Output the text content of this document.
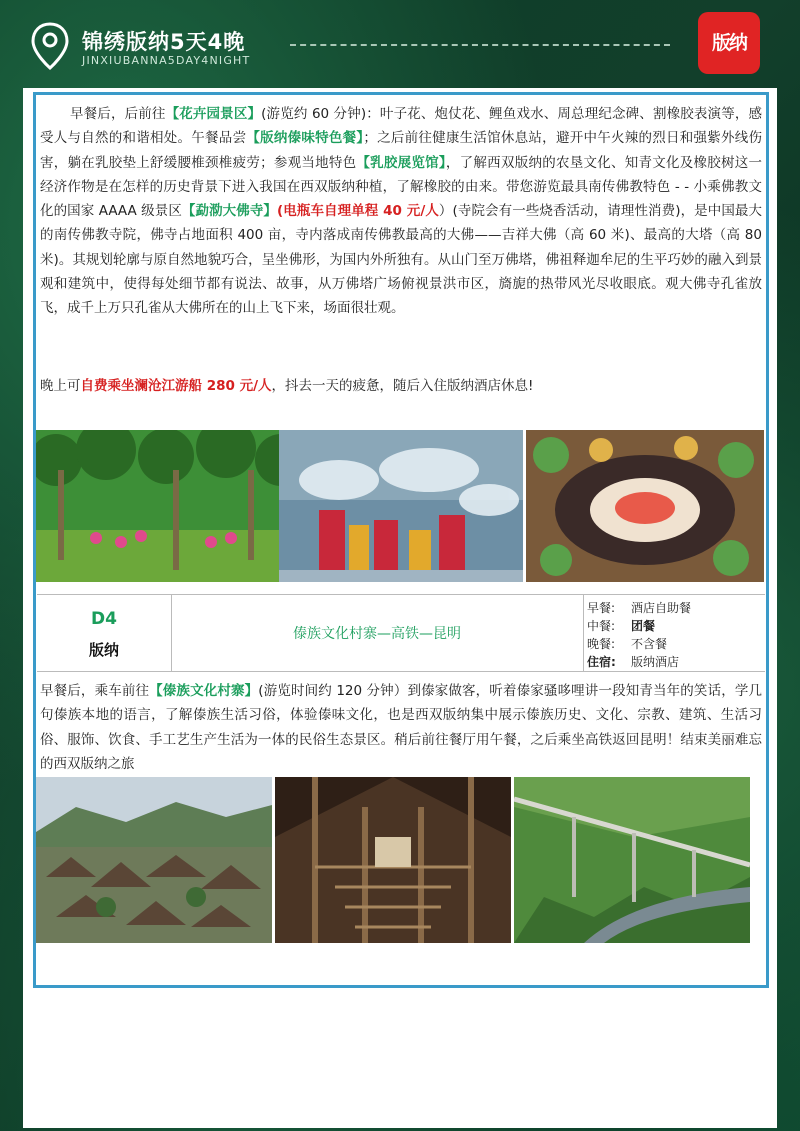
锦绣版纳5天4晚
JINXIUBANNA5DAY4NIGHT
版纳
早餐后，后前往【花卉园景区】(游览约 60 分钟)：叶子花、炮仗花、鲤鱼戏水、周总理纪念碑、割橡胶表演等，感受人与自然的和谐相处。午餐品尝【版纳傣味特色餐】；之后前往健康生活馆休息站，避开中午火辣的烈日和强紫外线伤害，躺在乳胶垫上舒缓腰椎颈椎疲劳；参观当地特色【乳胶展览馆】，了解西双版纳的农垦文化、知青文化及橡胶树这一经济作物是在怎样的历史背景下进入我国在西双版纳种植，了解橡胶的由来。带您游览最具南传佛教特色 - - 小乘佛教文化的国家 AAAA 级景区【勐泐大佛寺】(电瓶车自理单程 40 元/人）(寺院会有一些烧香活动，请理性消费)，是中国最大的南传佛教寺院，佛寺占地面积 400 亩，寺内落成南传佛教最高的大佛——吉祥大佛（高 60 米)、最高的大塔（高 80 米)。其规划轮廓与原自然地貌巧合，呈坐佛形，为国内外所独有。从山门至万佛塔，佛祖释迦牟尼的生平巧妙的融入到景观和建筑中，使得每处细节都有说法、故事，从万佛塔广场俯视景洪市区，旖旎的热带风光尽收眼底。观大佛寺孔雀放飞，成千上万只孔雀从大佛所在的山上飞下来，场面很壮观。
晚上可自费乘坐澜沧江游船 280 元/人，抖去一天的疲惫，随后入住版纳酒店休息!
D4
版纳
傣族文化村寨—高铁—昆明
早餐: 酒店自助餐
中餐: 团餐
晚餐: 不含餐
住宿: 版纳酒店
早餐后，乘车前往【傣族文化村寨】(游览时间约 120 分钟）到傣家做客，听着傣家骚哆哩讲一段知青当年的笑话，学几句傣族本地的语言，了解傣族生活习俗，体验傣味文化，也是西双版纳集中展示傣族历史、文化、宗教、建筑、生活习俗、服饰、饮食、手工艺生产生活为一体的民俗生态景区。稍后前往餐厅用午餐，之后乘坐高铁返回昆明！结束美丽难忘的西双版纳之旅
